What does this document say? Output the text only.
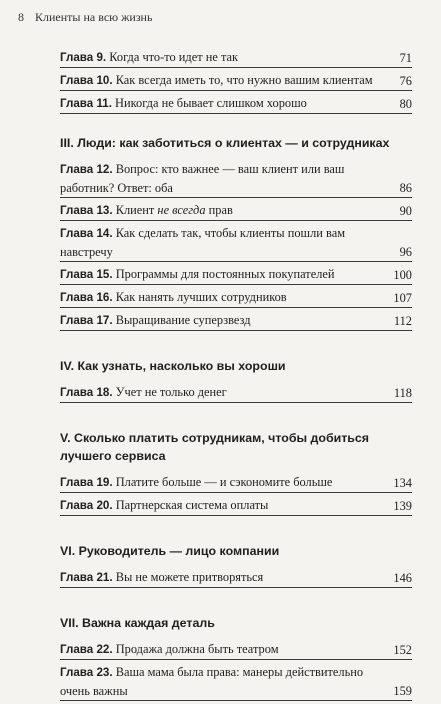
8 Клиенты на всю жизнь
Глава 9. Когда что-то идет не так	71
Глава 10. Как всегда иметь то, что нужно вашим клиентам	76
Глава 11. Никогда не бывает слишком хорошо	80
III. Люди: как заботиться о клиентах — и сотрудниках
Глава 12. Вопрос: кто важнее — ваш клиент или ваш работник? Ответ: оба	86
Глава 13. Клиент не всегда прав	90
Глава 14. Как сделать так, чтобы клиенты пошли вам навстречу	96
Глава 15. Программы для постоянных покупателей	100
Глава 16. Как нанять лучших сотрудников	107
Глава 17. Выращивание суперзвезд	112
IV. Как узнать, насколько вы хороши
Глава 18. Учет не только денег	118
V. Сколько платить сотрудникам, чтобы добиться лучшего сервиса
Глава 19. Платите больше — и сэкономите больше	134
Глава 20. Партнерская система оплаты	139
VI. Руководитель — лицо компании
Глава 21. Вы не можете притворяться	146
VII. Важна каждая деталь
Глава 22. Продажа должна быть театром	152
Глава 23. Ваша мама была права: манеры действительно очень важны	159
